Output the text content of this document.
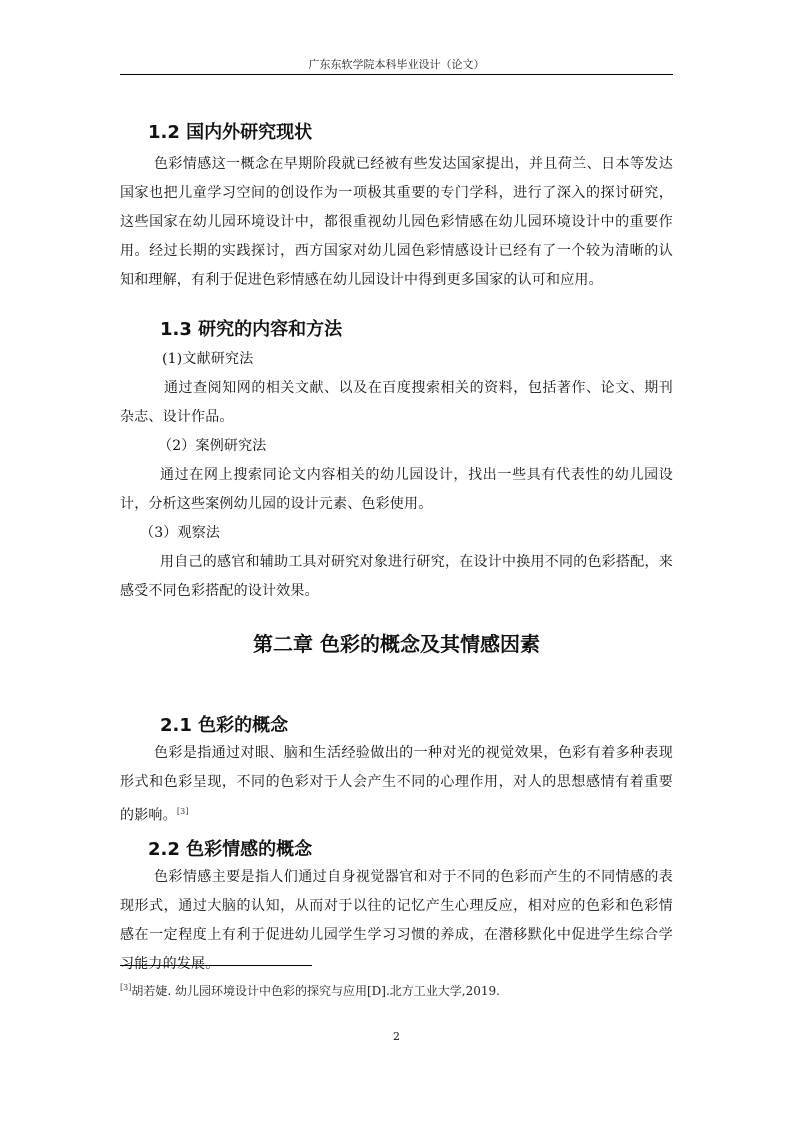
广东东软学院本科毕业设计（论文）
1.2 国内外研究现状

色彩情感这一概念在早期阶段就已经被有些发达国家提出，并且荷兰、日本等发达国家也把儿童学习空间的创设作为一项极其重要的专门学科，进行了深入的探讨研究，这些国家在幼儿园环境设计中，都很重视幼儿园色彩情感在幼儿园环境设计中的重要作用。经过长期的实践探讨，西方国家对幼儿园色彩情感设计已经有了一个较为清晰的认知和理解，有利于促进色彩情感在幼儿园设计中得到更多国家的认可和应用。

1.3 研究的内容和方法

(1)文献研究法

通过查阅知网的相关文献、以及在百度搜索相关的资料，包括著作、论文、期刊杂志、设计作品。

（2）案例研究法

通过在网上搜索同论文内容相关的幼儿园设计，找出一些具有代表性的幼儿园设计，分析这些案例幼儿园的设计元素、色彩使用。

（3）观察法

用自己的感官和辅助工具对研究对象进行研究，在设计中换用不同的色彩搭配，来感受不同色彩搭配的设计效果。

第二章 色彩的概念及其情感因素
2.1 色彩的概念

色彩是指通过对眼、脑和生活经验做出的一种对光的视觉效果，色彩有着多种表现形式和色彩呈现，不同的色彩对于人会产生不同的心理作用，对人的思想感情有着重要的影响。[3]

2.2 色彩情感的概念

色彩情感主要是指人们通过自身视觉器官和对于不同的色彩而产生的不同情感的表现形式，通过大脑的认知，从而对于以往的记忆产生心理反应，相对应的色彩和色彩情感在一定程度上有利于促进幼儿园学生学习习惯的养成，在潜移默化中促进学生综合学习能力的发展。

[3]胡若婕. 幼儿园环境设计中色彩的探究与应用[D].北方工业大学,2019.
2
